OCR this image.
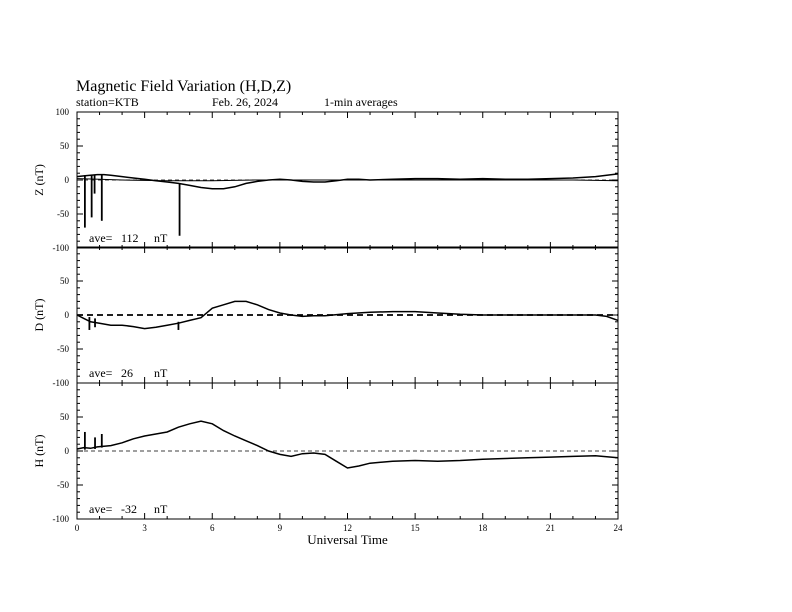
Magnetic Field Variation (H,D,Z)
station=KTB	Feb. 26, 2024	1-min averages
100
50
0
-50
-100
Z (nT)
ave= 112 nT
50
0
-50
-100
D (nT)
ave= 26 nT
50
0
-50
-100
H (nT)
ave= -32 nT
0	3	6	9	12	15	18	21	24
Universal Time
